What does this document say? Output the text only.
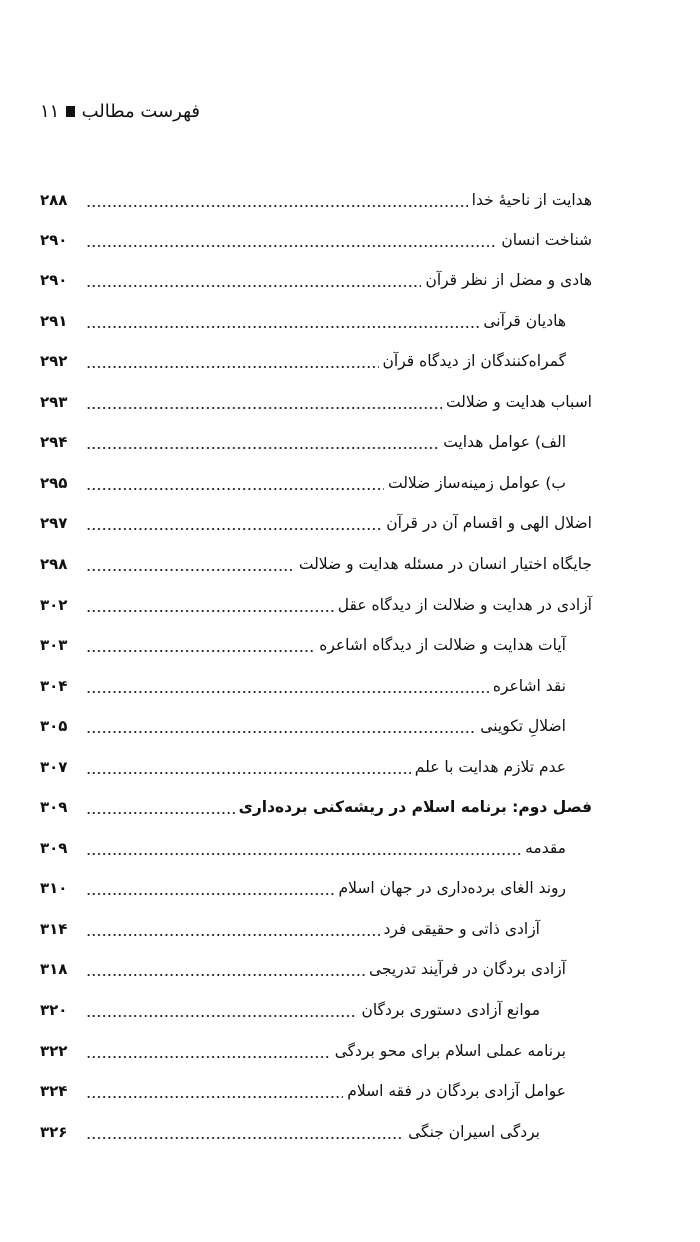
فهرست مطالب
۱۱
هدایت از ناحیهٔ خدا
۲۸۸
شناخت انسان
۲۹۰
هادی و مضل از نظر قرآن
۲۹۰
هادیان قرآنی
۲۹۱
گمراه‌کنندگان از دیدگاه قرآن
۲۹۲
اسباب هدایت و ضلالت
۲۹۳
الف) عوامل هدایت
۲۹۴
ب) عوامل زمینه‌ساز ضلالت
۲۹۵
اضلال الهی و اقسام آن در قرآن
۲۹۷
جایگاه اختیار انسان در مسئله هدایت و ضلالت
۲۹۸
آزادی در هدایت و ضلالت از دیدگاه عقل
۳۰۲
آیات هدایت و ضلالت از دیدگاه اشاعره
۳۰۳
نقد اشاعره
۳۰۴
اضلالِ تکوینی
۳۰۵
عدم تلازم هدایت با علم
۳۰۷
فصل دوم: برنامه اسلام در ریشه‌کنی برده‌داری
۳۰۹
مقدمه
۳۰۹
روند الغای برده‌داری در جهان اسلام
۳۱۰
آزادی ذاتی و حقیقی فرد
۳۱۴
آزادی بردگان در فرآیند تدریجی
۳۱۸
موانع آزادی دستوری بردگان
۳۲۰
برنامه عملی اسلام برای محو بردگی
۳۲۲
عوامل آزادی بردگان در فقه اسلام
۳۲۴
بردگی اسیران جنگی
۳۲۶
